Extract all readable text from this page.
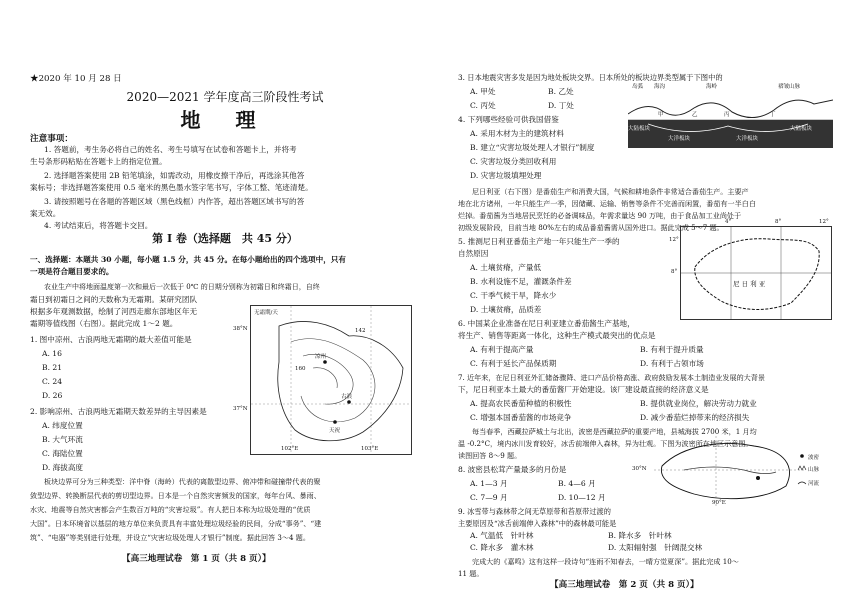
★2020 年 10 月 28 日
2020—2021 学年度高三阶段性考试
地 理
注意事项：
1. 答题前，考生务必将自己的姓名、考生号填写在试卷和答题卡上，并将考
生号条形码粘贴在答题卡上的指定位置。
2. 选择题答案使用 2B 铅笔填涂，如需改动，用橡皮擦干净后，再选涂其他答
案标号；非选择题答案使用 0.5 毫米的黑色墨水签字笔书写，字体工整、笔迹清楚。
3. 请按照题号在各题的答题区域（黑色线框）内作答，超出答题区域书写的答
案无效。
4. 考试结束后，将答题卡交回。
第 I 卷（选择题　共 45 分）
一、选择题：本题共 30 小题，每小题 1.5 分，共 45 分。在每小题给出的四个选项中，只有
一项是符合题目要求的。
农业生产中将地面温度第一次和最后一次低于 0℃ 的日期分别称为初霜日和终霜日，自终
霜日到初霜日之间的天数称为无霜期。某研究团队
根据多年观测数据，绘制了河西走廊东部地区年无
霜期等值线图（右图）。据此完成 1～2 题。
1. 图中凉州、古浪两地无霜期的最大差值可能是
A. 16
B. 21
C. 24
D. 26
2. 影响凉州、古浪两地无霜期天数差异的主导因素是
A. 纬度位置
B. 大气环流
C. 海陆位置
D. 海拔高度
板块边界可分为三种类型：洋中脊（海岭）代表的离散型边界、俯冲带和碰撞带代表的聚
敛型边界、转换断层代表的剪切型边界。日本是一个自然灾害频发的国家，每年台风、暴雨、
水灾、地震等自然灾害都会产生数百万吨的“灾害垃圾”。有人把日本称为垃圾处理的“优质
大国”。日本环境省以基层的地方单位来负责具有丰富处理垃圾经验的民间，分成“事务”、“建
筑”、“电器”等类别进行处理，并设立“灾害垃圾处理人才银行”制度。据此回答 3～4 题。
无霜期/天
凉州
古浪
天祝
142
160
38°N
37°N
102°E	103°E
【高三地理试卷　第 1 页（共 8 页）】
3. 日本地震灾害多发是因为地处板块交界。日本所处的板块边界类型属于下图中的
A. 甲处	B. 乙处
C. 丙处	D. 丁处
4. 下列哪些经验可供我国借鉴
A. 采用木材为主的建筑材料
B. 建立“灾害垃圾处理人才银行”制度
C. 灾害垃圾分类回收利用
D. 灾害垃圾填埋处理
岛弧 海沟	海岭	褶皱山脉
大陆板块
大洋板块	大洋板块
大陆板块
甲	乙	丙	丁
尼日利亚（右下图）是番茄生产和消费大国，气候和耕地条件非常适合番茄生产。主要产
地在北方诸州，一年只能生产一季，因储藏、运输、销售等条件不完善而闲置，番茄有一半白白
烂掉。番茄酱为当地居民烹饪的必备调味品，年需求量达 90 万吨，由于食品加工业尚处于
初级发展阶段，目前当地 80%左右的成品番茄酱需从国外进口。据此完成 5～7 题。
5. 推测尼日利亚番茄主产地一年只能生产一季的
自然原因
A. 土壤贫瘠，产量低
B. 水利设施不足，灌溉条件差
C. 干季气候干旱，降水少
D. 土壤贫瘠，品质差
尼 日 利 亚
4°	8°	12°
12°
8°
6. 中国某企业准备在尼日利亚建立番茄酱生产基地，
将生产、销售等距离一体化，这种生产模式最突出的优点是
A. 有利于提高产量	B. 有利于提升质量
C. 有利于延长产品保质期	D. 有利于占领市场
7. 近年来，在尼日利亚外汇储备骤降、进口产品价格高涨、政府鼓励发展本土制造业发展的大背景
下，尼日利亚本土最大的番茄酱厂开始建设。该厂建设最直接的经济意义是
A. 提高农民番茄种植的积极性	B. 提供就业岗位，解决劳动力就业
C. 增强本国番茄酱的市场竞争	D. 减少番茄烂掉带来的经济损失
每当春季，西藏拉萨城土与北出，波密是西藏拉萨的重要产地，县城海拔 2700 米，1 月均
温 -0.2°C，境内冰川发育较好，冰舌前端伸入森林，异为壮观。下图为波密所在地区示意图。
读图回答 8～9 题。
8. 波密县松茸产量最多的月份是
A. 1—3 月	B. 4—6 月
C. 7—9 月	D. 10—12 月
30°N
90°E
波密
山脉
河流
9. 冰雪带与森林带之间无草原带和苔原带过渡的
主要原因及“冰舌前端伸入森林”中的森林最可能是
A. 气温低　针叶林	B. 降水多　针叶林
C. 降水多　灌木林	D. 太阳辐射强　针阔混交林
完成大的《嘉鸣》这有这样一段诗句“连雨不知春去，一晴方觉夏深”。据此完成 10～
11 题。
【高三地理试卷　第 2 页（共 8 页）】
